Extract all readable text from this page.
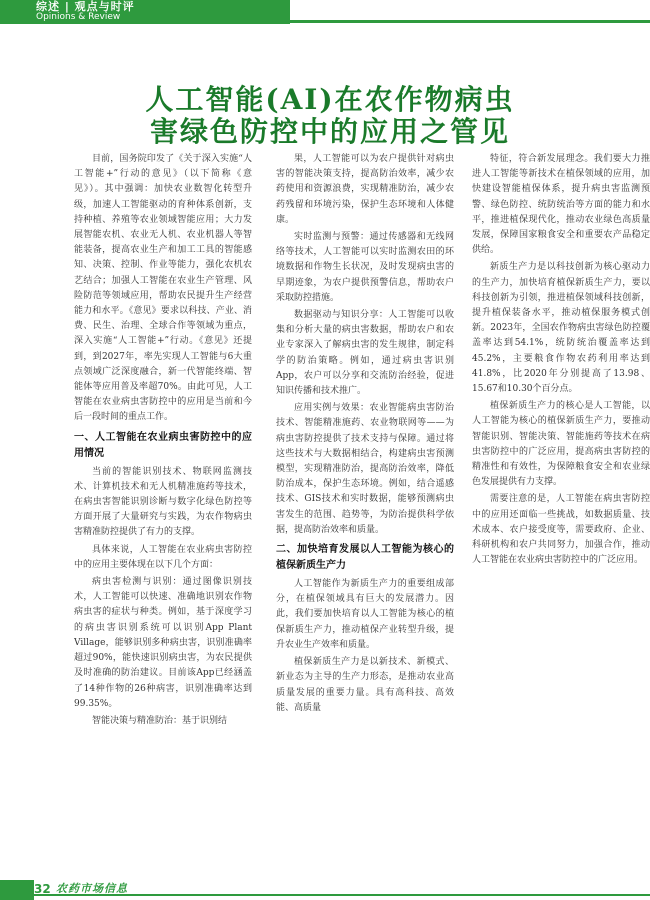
综述 | 观点与时评
Opinions & Review
人工智能(AI)在农作物病虫
害绿色防控中的应用之管见

目前，国务院印发了《关于深入实施“人工智能+”行动的意见》（以下简称《意见》）。其中强调：加快农业数智化转型升级，加速人工智能驱动的育种体系创新，支持种植、养殖等农业领域智能应用；大力发展智能农机、农业无人机、农业机器人等智能装备，提高农业生产和加工工具的智能感知、决策、控制、作业等能力，强化农机农艺结合；加强人工智能在农业生产管理、风险防范等领域应用，帮助农民提升生产经营能力和水平。《意见》要求以科技、产业、消费、民生、治理、全球合作等领域为重点，深入实施“人工智能+”行动。《意见》还提到，到2027年，率先实现人工智能与6大重点领域广泛深度融合，新一代智能终端、智能体等应用普及率超70%。由此可见，人工智能在农业病虫害防控中的应用是当前和今后一段时间的重点工作。

一、人工智能在农业病虫害防控中的应用情况

当前的智能识别技术、物联网监测技术、计算机技术和无人机精准施药等技术，在病虫害智能识别诊断与数字化绿色防控等方面开展了大量研究与实践，为农作物病虫害精准防控提供了有力的支撑。

具体来说，人工智能在农业病虫害防控中的应用主要体现在以下几个方面：

病虫害检测与识别：通过图像识别技术，人工智能可以快速、准确地识别农作物病虫害的症状与种类。例如，基于深度学习的病虫害识别系统可以识别App Plant Village，能够识别多种病虫害，识别准确率超过90%，能快速识别病虫害，为农民提供及时准确的防治建议。目前该App已经涵盖了14种作物的26种病害，识别准确率达到99.35%。

智能决策与精准防治：基于识别结

果，人工智能可以为农户提供针对病虫害的智能决策支持，提高防治效率，减少农药使用和资源浪费，实现精准防治，减少农药残留和环境污染，保护生态环境和人体健康。

实时监测与预警：通过传感器和无线网络等技术，人工智能可以实时监测农田的环境数据和作物生长状况，及时发现病虫害的早期迹象，为农户提供预警信息，帮助农户采取防控措施。

数据驱动与知识分享：人工智能可以收集和分析大量的病虫害数据，帮助农户和农业专家深入了解病虫害的发生规律，制定科学的防治策略。例如，通过病虫害识别App，农户可以分享和交流防治经验，促进知识传播和技术推广。

应用实例与效果：农业智能病虫害防治技术、智能精准施药、农业物联网等——为病虫害防控提供了技术支持与保障。通过将这些技术与大数据相结合，构建病虫害预测模型，实现精准防治，提高防治效率，降低防治成本，保护生态环境。例如，结合遥感技术、GIS技术和实时数据，能够预测病虫害发生的范围、趋势等，为防治提供科学依据，提高防治效率和质量。

二、加快培育发展以人工智能为核心的植保新质生产力

人工智能作为新质生产力的重要组成部分，在植保领域具有巨大的发展潜力。因此，我们要加快培育以人工智能为核心的植保新质生产力，推动植保产业转型升级，提升农业生产效率和质量。

植保新质生产力是以新技术、新模式、新业态为主导的生产力形态，是推动农业高质量发展的重要力量。具有高科技、高效能、高质量

特征，符合新发展理念。我们要大力推进人工智能等新技术在植保领域的应用，加快建设智能植保体系，提升病虫害监测预警、绿色防控、统防统治等方面的能力和水平，推进植保现代化，推动农业绿色高质量发展，保障国家粮食安全和重要农产品稳定供给。

新质生产力是以科技创新为核心驱动力的生产力，加快培育植保新质生产力，要以科技创新为引领，推进植保领域科技创新，提升植保装备水平，推动植保服务模式创新。2023年，全国农作物病虫害绿色防控覆盖率达到54.1%，统防统治覆盖率达到45.2%，主要粮食作物农药利用率达到41.8%，比2020年分别提高了13.98、15.67和10.30个百分点。

植保新质生产力的核心是人工智能，以人工智能为核心的植保新质生产力，要推动智能识别、智能决策、智能施药等技术在病虫害防控中的广泛应用，提高病虫害防控的精准性和有效性，为保障粮食安全和农业绿色发展提供有力支撑。

需要注意的是，人工智能在病虫害防控中的应用还面临一些挑战，如数据质量、技术成本、农户接受度等，需要政府、企业、科研机构和农户共同努力，加强合作，推动人工智能在农业病虫害防控中的广泛应用。

32 农药市场信息
